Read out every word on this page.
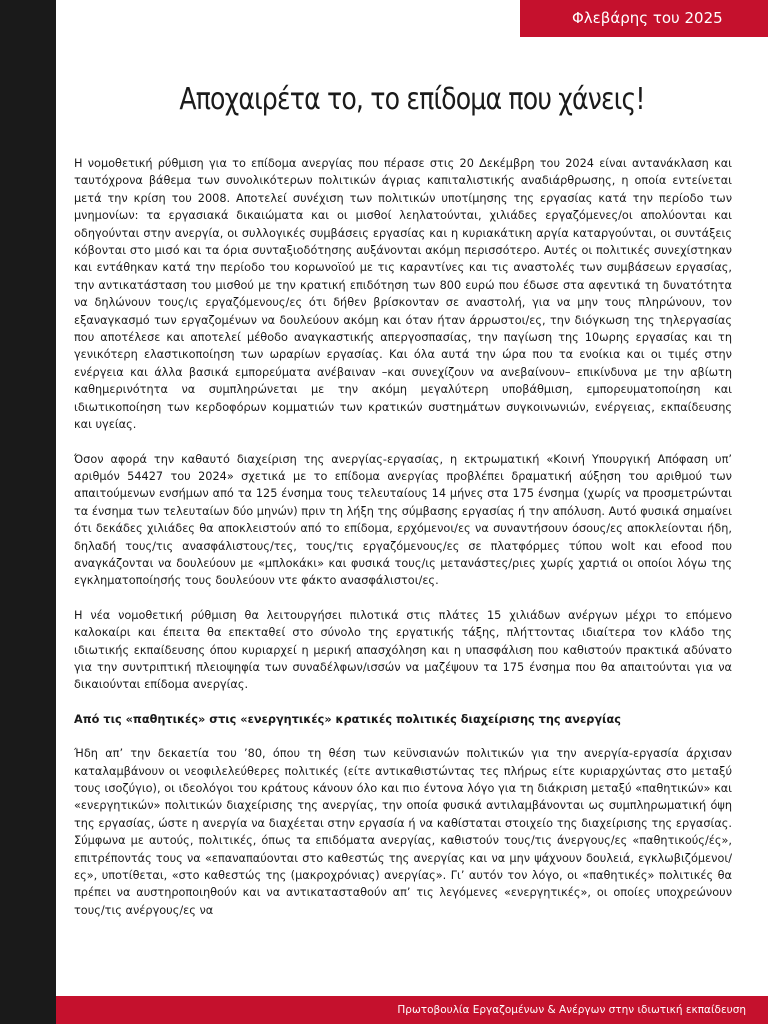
Φλεβάρης του 2025
Αποχαιρέτα το, το επίδομα που χάνεις!

Η νομοθετική ρύθμιση για το επίδομα ανεργίας που πέρασε στις 20 Δεκέμβρη του 2024 είναι αντανάκλαση και ταυτόχρονα βάθεμα των συνολικότερων πολιτικών άγριας καπιταλιστικής αναδιάρθρωσης, η οποία εντείνεται μετά την κρίση του 2008. Αποτελεί συνέχιση των πολιτικών υποτίμησης της εργασίας κατά την περίοδο των μνημονίων: τα εργασιακά δικαιώματα και οι μισθοί λεηλατούνται, χιλιάδες εργαζόμενες/οι απολύονται και οδηγούνται στην ανεργία, οι συλλογικές συμβάσεις εργασίας και η κυριακάτικη αργία καταργούνται, οι συντάξεις κόβονται στο μισό και τα όρια συνταξιοδότησης αυξάνονται ακόμη περισσότερο. Αυτές οι πολιτικές συνεχίστηκαν και εντάθηκαν κατά την περίοδο του κορωνοϊού με τις καραντίνες και τις αναστολές των συμβάσεων εργασίας, την αντικατάσταση του μισθού με την κρατική επιδότηση των 800 ευρώ που έδωσε στα αφεντικά τη δυνατότητα να δηλώνουν τους/ις εργαζόμενους/ες ότι δήθεν βρίσκονταν σε αναστολή, για να μην τους πληρώνουν, τον εξαναγκασμό των εργαζομένων να δουλεύουν ακόμη και όταν ήταν άρρωστοι/ες, την διόγκωση της τηλεργασίας που αποτέλεσε και αποτελεί μέθοδο αναγκαστικής απεργοσπασίας, την παγίωση της 10ωρης εργασίας και τη γενικότερη ελαστικοποίηση των ωραρίων εργασίας. Και όλα αυτά την ώρα που τα ενοίκια και οι τιμές στην ενέργεια και άλλα βασικά εμπορεύματα ανέβαιναν –και συνεχίζουν να ανεβαίνουν– επικίνδυνα με την αβίωτη καθημερινότητα να συμπληρώνεται με την ακόμη μεγαλύτερη υποβάθμιση, εμπορευματοποίηση και ιδιωτικοποίηση των κερδοφόρων κομματιών των κρατικών συστημάτων συγκοινωνιών, ενέργειας, εκπαίδευσης και υγείας.

Όσον αφορά την καθαυτό διαχείριση της ανεργίας-εργασίας, η εκτρωματική «Κοινή Υπουργική Απόφαση υπ’ αριθμόν 54427 του 2024» σχετικά με το επίδομα ανεργίας προβλέπει δραματική αύξηση του αριθμού των απαιτούμενων ενσήμων από τα 125 ένσημα τους τελευταίους 14 μήνες στα 175 ένσημα (χωρίς να προσμετρώνται τα ένσημα των τελευταίων δύο μηνών) πριν τη λήξη της σύμβασης εργασίας ή την απόλυση. Αυτό φυσικά σημαίνει ότι δεκάδες χιλιάδες θα αποκλειστούν από το επίδομα, ερχόμενοι/ες να συναντήσουν όσους/ες αποκλείονται ήδη, δηλαδή τους/τις ανασφάλιστους/τες, τους/τις εργαζόμενους/ες σε πλατφόρμες τύπου wolt και efood που αναγκάζονται να δουλεύουν με «μπλοκάκι» και φυσικά τους/ις μετανάστες/ριες χωρίς χαρτιά οι οποίοι λόγω της εγκληματοποίησής τους δουλεύουν ντε φάκτο ανασφάλιστοι/ες.

Η νέα νομοθετική ρύθμιση θα λειτουργήσει πιλοτικά στις πλάτες 15 χιλιάδων ανέργων μέχρι το επόμενο καλοκαίρι και έπειτα θα επεκταθεί στο σύνολο της εργατικής τάξης, πλήττοντας ιδιαίτερα τον κλάδο της ιδιωτικής εκπαίδευσης όπου κυριαρχεί η μερική απασχόληση και η υπασφάλιση που καθιστούν πρακτικά αδύνατο για την συντριπτική πλειοψηφία των συναδέλφων/ισσών να μαζέψουν τα 175 ένσημα που θα απαιτούνται για να δικαιούνται επίδομα ανεργίας.

Από τις «παθητικές» στις «ενεργητικές» κρατικές πολιτικές διαχείρισης της ανεργίας

Ήδη απ’ την δεκαετία του ’80, όπου τη θέση των κεϋνσιανών πολιτικών για την ανεργία-εργασία άρχισαν καταλαμβάνουν οι νεοφιλελεύθερες πολιτικές (είτε αντικαθιστώντας τες πλήρως είτε κυριαρχώντας στο μεταξύ τους ισοζύγιο), οι ιδεολόγοι του κράτους κάνουν όλο και πιο έντονα λόγο για τη διάκριση μεταξύ «παθητικών» και «ενεργητικών» πολιτικών διαχείρισης της ανεργίας, την οποία φυσικά αντιλαμβάνονται ως συμπληρωματική όψη της εργασίας, ώστε η ανεργία να διαχέεται στην εργασία ή να καθίσταται στοιχείο της διαχείρισης της εργασίας. Σύμφωνα με αυτούς, πολιτικές, όπως τα επιδόματα ανεργίας, καθιστούν τους/τις άνεργους/ες «παθητικούς/ές», επιτρέποντάς τους να «επαναπαύονται στο καθεστώς της ανεργίας και να μην ψάχνουν δουλειά, εγκλωβιζόμενοι/ες», υποτίθεται, «στο καθεστώς της (μακροχρόνιας) ανεργίας». Γι’ αυτόν τον λόγο, οι «παθητικές» πολιτικές θα πρέπει να αυστηροποιηθούν και να αντικατασταθούν απ’ τις λεγόμενες «ενεργητικές», οι οποίες υποχρεώνουν τους/τις ανέργους/ες να

Πρωτοβουλία Εργαζομένων & Ανέργων στην ιδιωτική εκπαίδευση
